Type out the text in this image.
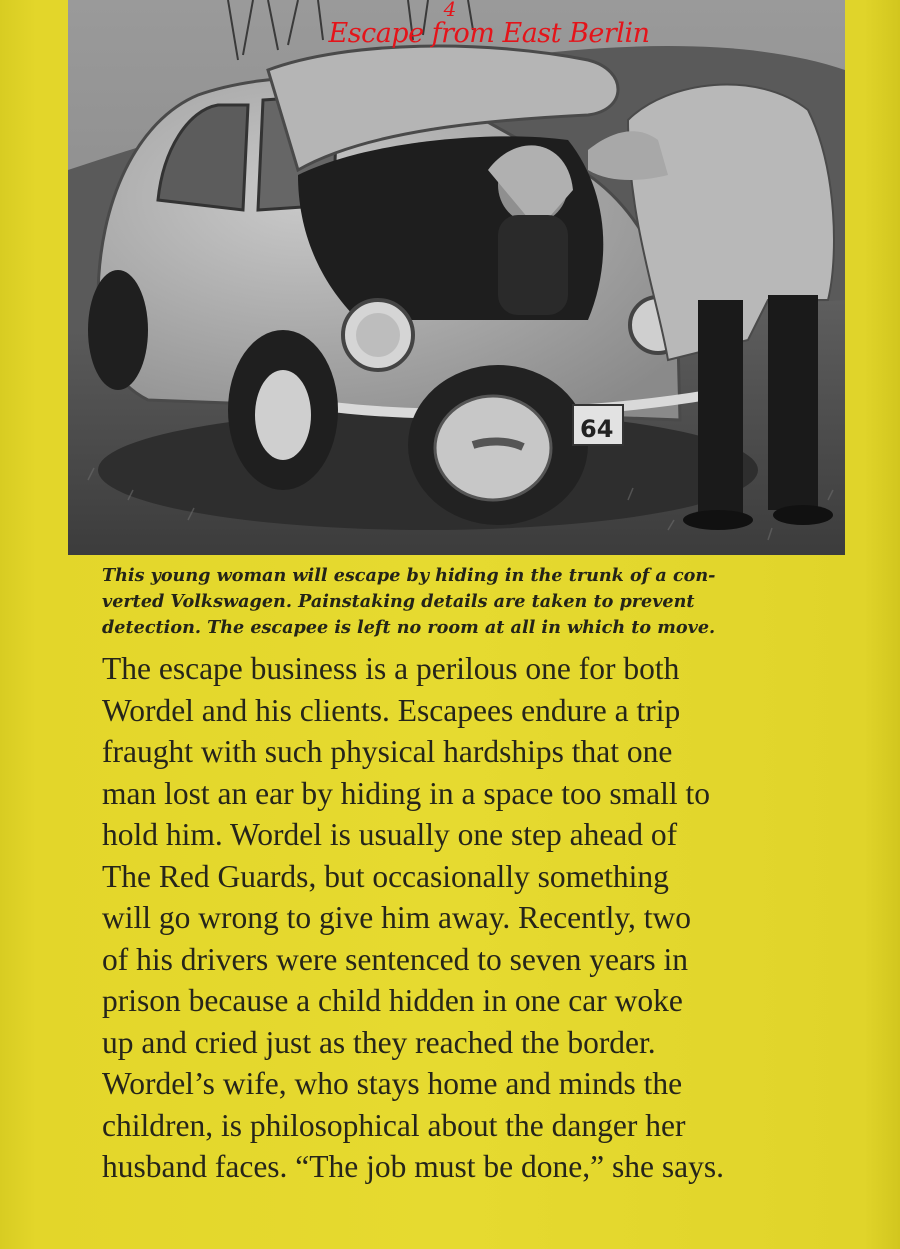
64
4
Escape from East Berlin
This young woman will escape by hiding in the trunk of a con-
verted Volkswagen. Painstaking details are taken to prevent
detection. The escapee is left no room at all in which to move.
The escape business is a perilous one for both
Wordel and his clients. Escapees endure a trip
fraught with such physical hardships that one
man lost an ear by hiding in a space too small to
hold him. Wordel is usually one step ahead of
The Red Guards, but occasionally something
will go wrong to give him away. Recently, two
of his drivers were sentenced to seven years in
prison because a child hidden in one car woke
up and cried just as they reached the border.
Wordel’s wife, who stays home and minds the
children, is philosophical about the danger her
husband faces. “The job must be done,” she says.
